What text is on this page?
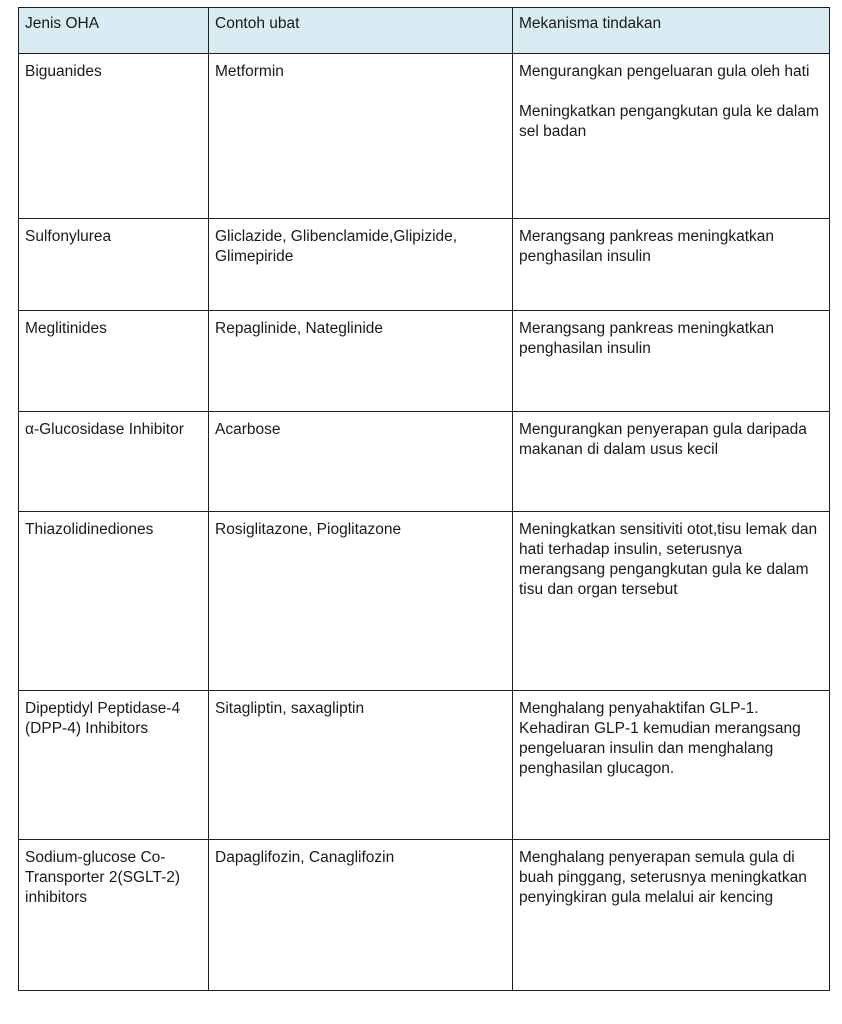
Jenis OHA	Contoh ubat	Mekanisma tindakan
Biguanides	Metformin	Mengurangkan pengeluaran gula oleh hati
Meningkatkan pengangkutan gula ke dalam sel badan

Sulfonylurea	Gliclazide, Glibenclamide,Glipizide, Glimepiride	Merangsang pankreas meningkatkan penghasilan insulin

Meglitinides	Repaglinide, Nateglinide	Merangsang pankreas meningkatkan penghasilan insulin

α-Glucosidase Inhibitor	Acarbose	Mengurangkan penyerapan gula daripada makanan di dalam usus kecil

Thiazolidinediones	Rosiglitazone, Pioglitazone	Meningkatkan sensitiviti otot,tisu lemak dan hati terhadap insulin, seterusnya merangsang pengangkutan gula ke dalam tisu dan organ tersebut

Dipeptidyl Peptidase-4 (DPP-4) Inhibitors	Sitagliptin, saxagliptin	Menghalang penyahaktifan GLP-1. Kehadiran GLP-1 kemudian merangsang pengeluaran insulin dan menghalang penghasilan glucagon.

Sodium-glucose Co-Transporter 2(SGLT-2) inhibitors	Dapaglifozin, Canaglifozin	Menghalang penyerapan semula gula di buah pinggang, seterusnya meningkatkan penyingkiran gula melalui air kencing
